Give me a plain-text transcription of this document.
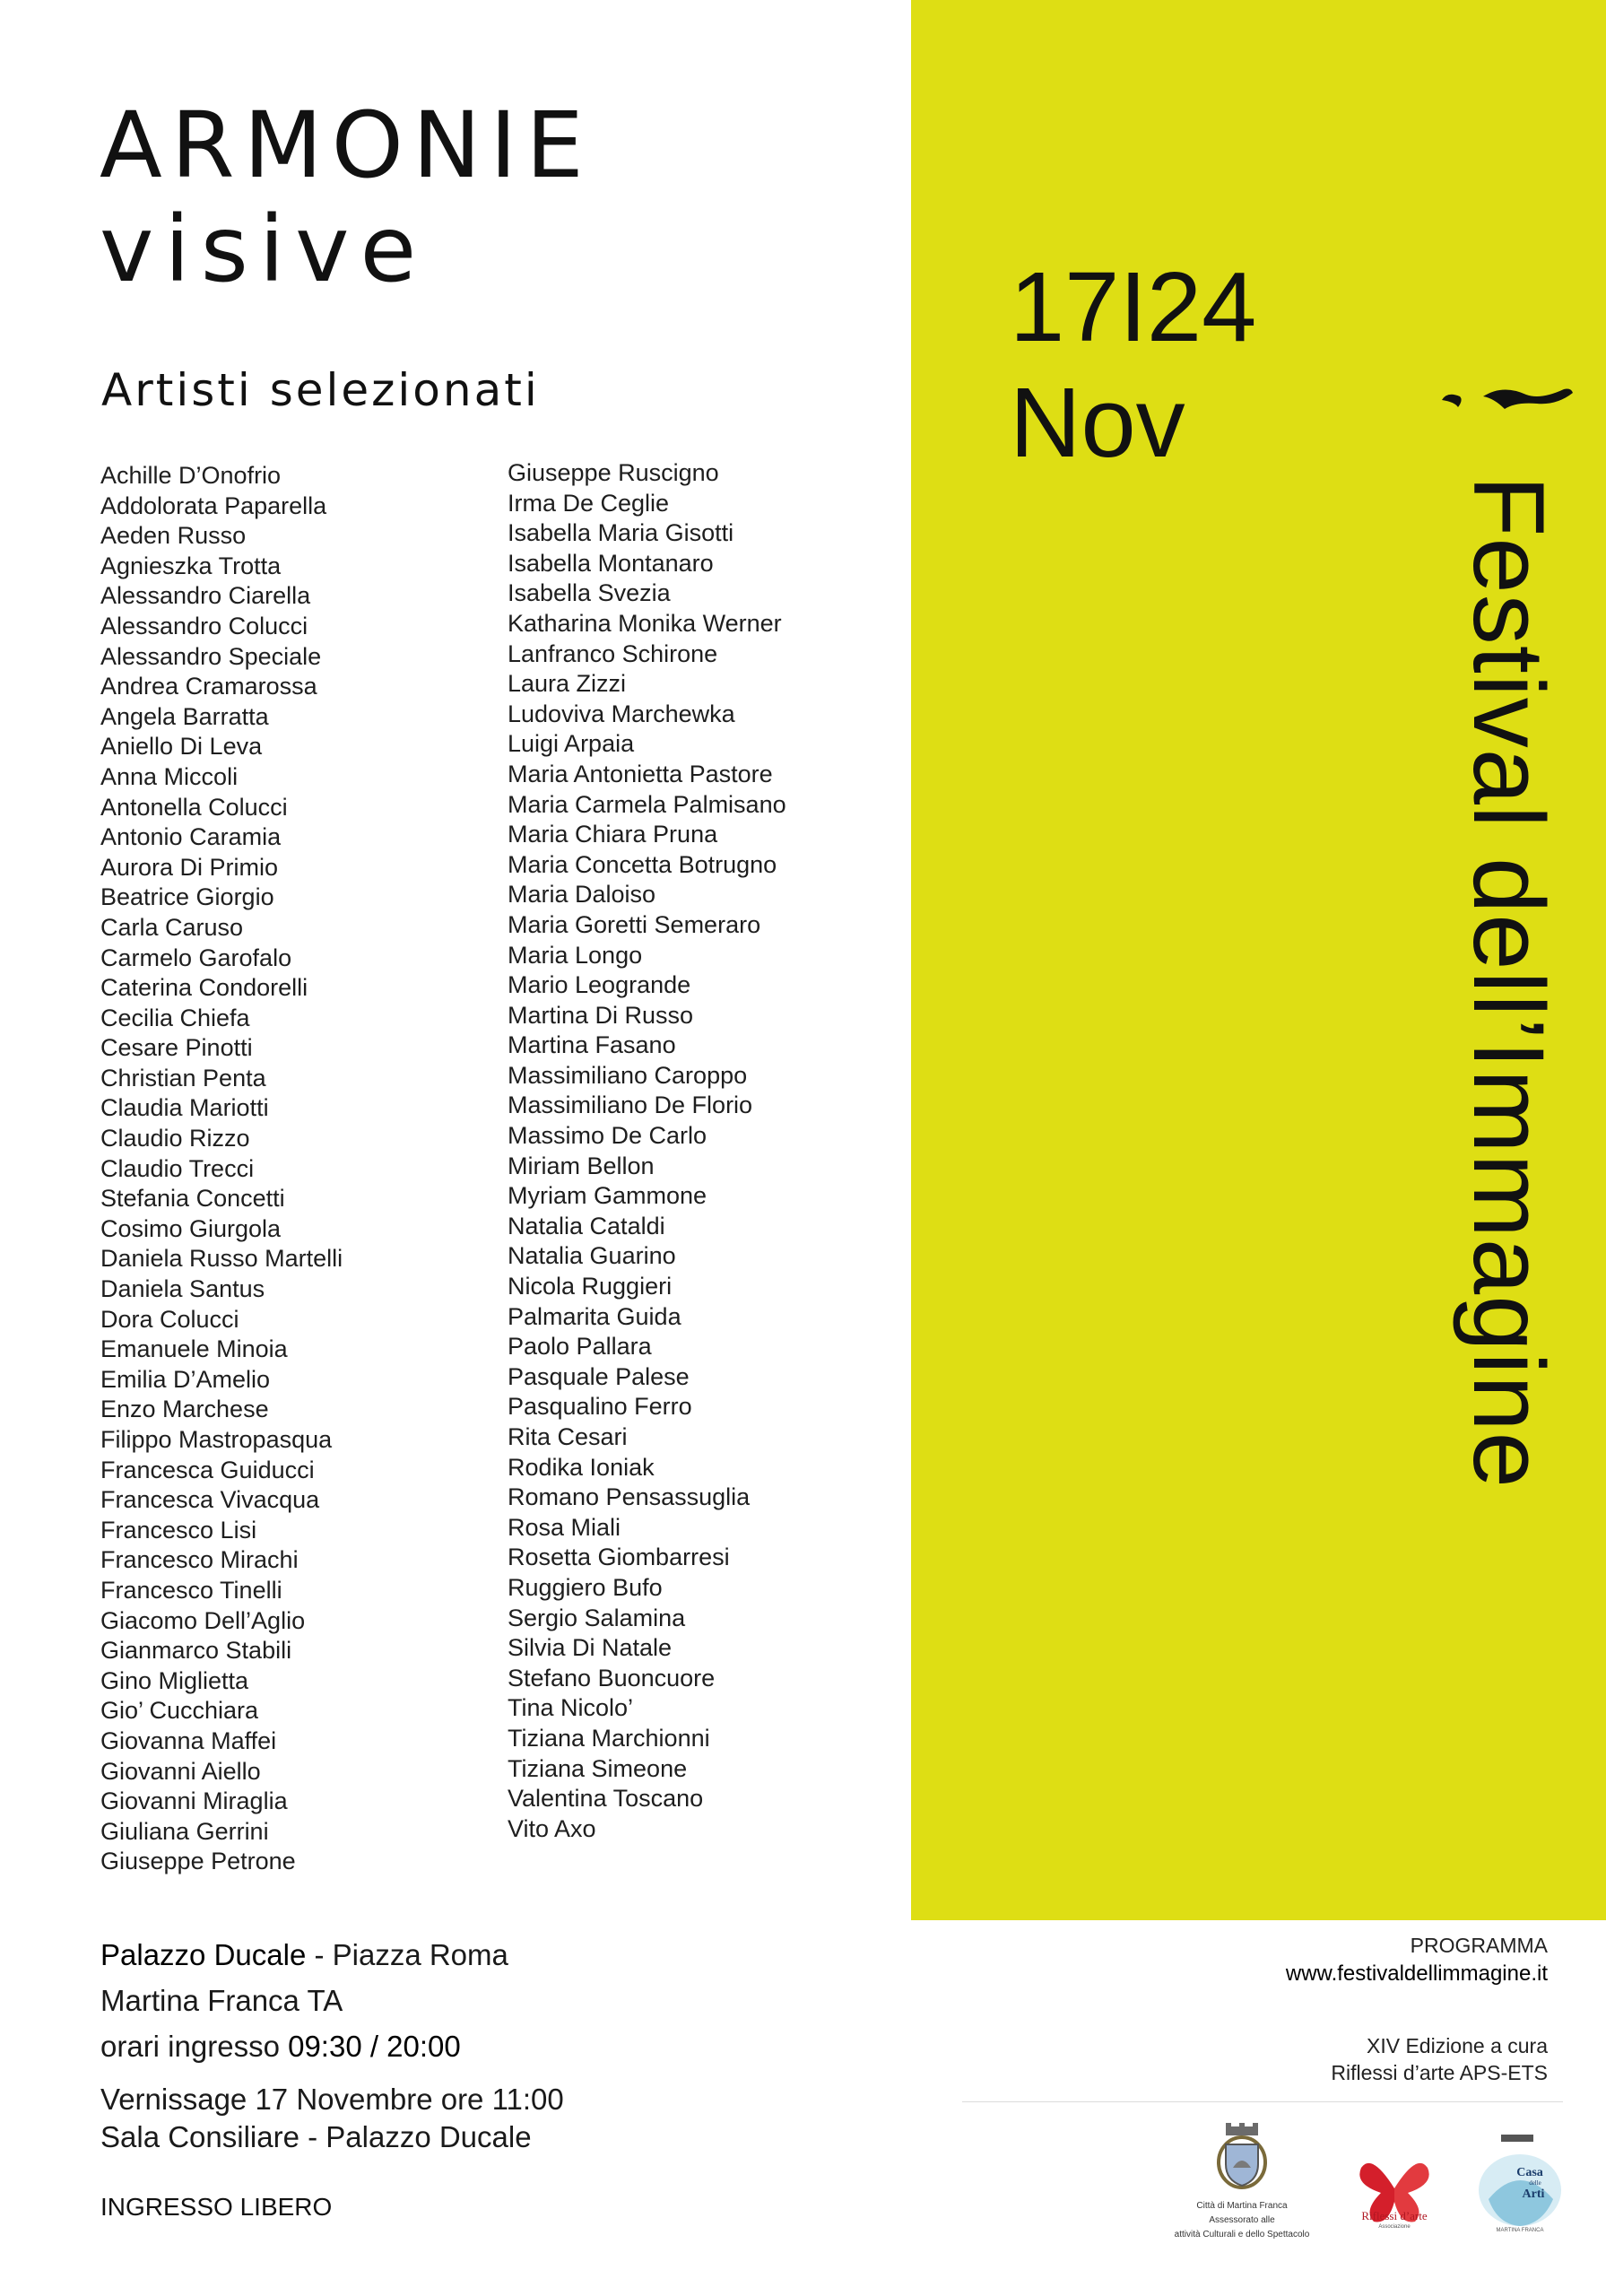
ARMONIE
visive
Artisti selezionati
Achille D’Onofrio
Addolorata Paparella
Aeden Russo
Agnieszka Trotta
Alessandro Ciarella
Alessandro Colucci
Alessandro Speciale
Andrea Cramarossa
Angela Barratta
Aniello Di Leva
Anna Miccoli
Antonella Colucci
Antonio Caramia
Aurora Di Primio
Beatrice Giorgio
Carla Caruso
Carmelo Garofalo
Caterina Condorelli
Cecilia Chiefa
Cesare Pinotti
Christian Penta
Claudia Mariotti
Claudio Rizzo
Claudio Trecci
Stefania Concetti
Cosimo Giurgola
Daniela Russo Martelli
Daniela Santus
Dora Colucci
Emanuele Minoia
Emilia D’Amelio
Enzo Marchese
Filippo Mastropasqua
Francesca Guiducci
Francesca Vivacqua
Francesco Lisi
Francesco Mirachi
Francesco Tinelli
Giacomo Dell’Aglio
Gianmarco Stabili
Gino Miglietta
Gio’ Cucchiara
Giovanna Maffei
Giovanni Aiello
Giovanni Miraglia
Giuliana Gerrini
Giuseppe Petrone
Giuseppe Ruscigno
Irma De Ceglie
Isabella Maria Gisotti
Isabella Montanaro
Isabella Svezia
Katharina Monika Werner
Lanfranco Schirone
Laura Zizzi
Ludoviva Marchewka
Luigi Arpaia
Maria Antonietta Pastore
Maria Carmela Palmisano
Maria Chiara Pruna
Maria Concetta Botrugno
Maria Daloiso
Maria Goretti Semeraro
Maria Longo
Mario Leogrande
Martina Di Russo
Martina Fasano
Massimiliano Caroppo
Massimiliano De Florio
Massimo De Carlo
Miriam Bellon
Myriam Gammone
Natalia Cataldi
Natalia Guarino
Nicola Ruggieri
Palmarita Guida
Paolo Pallara
Pasquale Palese
Pasqualino Ferro
Rita Cesari
Rodika Ioniak
Romano Pensassuglia
Rosa Miali
Rosetta Giombarresi
Ruggiero Bufo
Sergio Salamina
Silvia Di Natale
Stefano Buoncuore
Tina Nicolo’
Tiziana Marchionni
Tiziana Simeone
Valentina Toscano
Vito Axo
17I24
Nov
Festival dell’Immagine
Palazzo Ducale - Piazza Roma
Martina Franca TA
orari ingresso 09:30 / 20:00
Vernissage 17 Novembre ore 11:00
Sala Consiliare - Palazzo Ducale
INGRESSO LIBERO
PROGRAMMA
www.festivaldellimmagine.it
XIV Edizione a cura
Riflessi d’arte APS-ETS
Città di Martina Franca
Assessorato alle
attività Culturali e dello Spettacolo
Riflessi d’arte
Associazione
Casa
delle
Arti
MARTINA FRANCA
